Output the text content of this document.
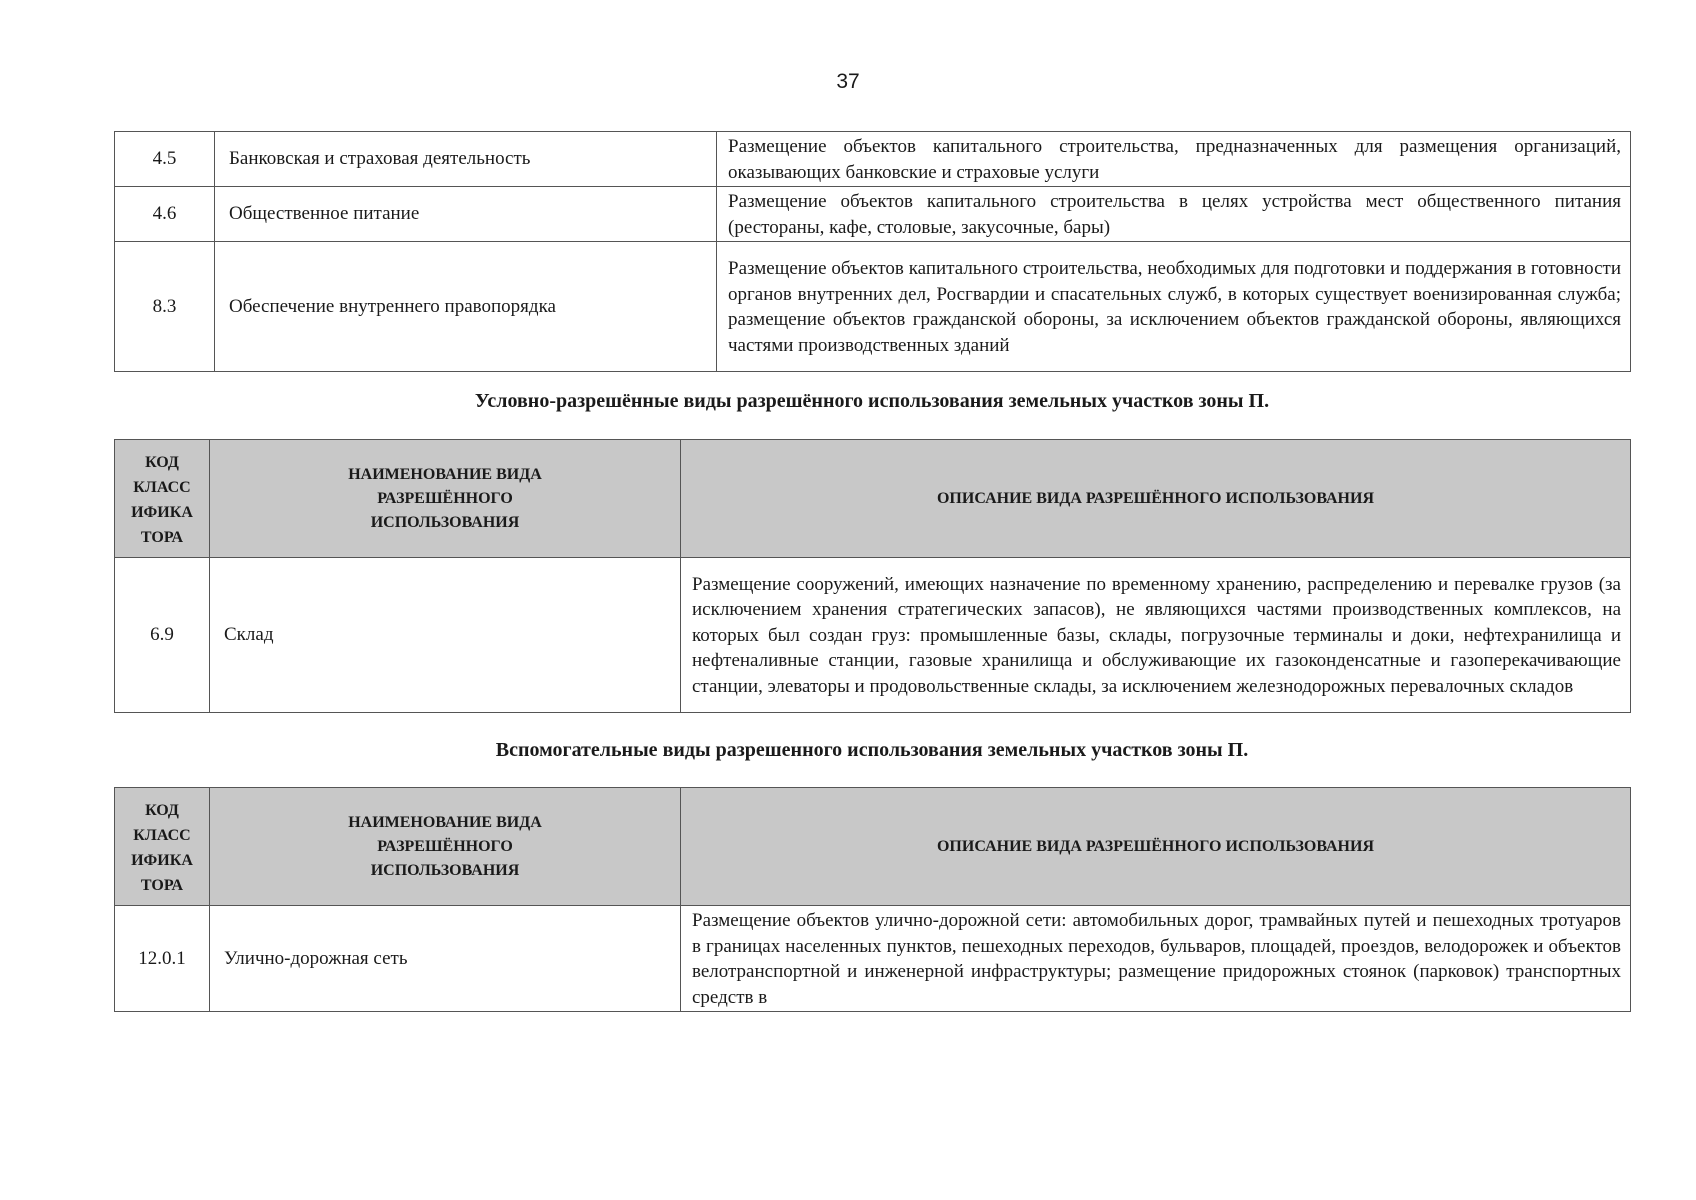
37
4.5	Банковская и страховая деятельность	Размещение объектов капитального строительства, предназначенных для размещения организаций, оказывающих банковские и страховые услуги
4.6	Общественное питание	Размещение объектов капитального строительства в целях устройства мест общественного питания (рестораны, кафе, столовые, закусочные, бары)
8.3	Обеспечение внутреннего правопорядка	Размещение объектов капитального строительства, необходимых для подготовки и поддержания в готовности органов внутренних дел, Росгвардии и спасательных служб, в которых существует военизированная служба; размещение объектов гражданской обороны, за исключением объектов гражданской обороны, являющихся частями производственных зданий
Условно-разрешённые виды разрешённого использования земельных участков зоны П.
КОД КЛАСС ИФИКА ТОРА	НАИМЕНОВАНИЕ ВИДА РАЗРЕШЁННОГО ИСПОЛЬЗОВАНИЯ	ОПИСАНИЕ ВИДА РАЗРЕШЁННОГО ИСПОЛЬЗОВАНИЯ
6.9	Склад	Размещение сооружений, имеющих назначение по временному хранению, распределению и перевалке грузов (за исключением хранения стратегических запасов), не являющихся частями производственных комплексов, на которых был создан груз: промышленные базы, склады, погрузочные терминалы и доки, нефтехранилища и нефтеналивные станции, газовые хранилища и обслуживающие их газоконденсатные и газоперекачивающие станции, элеваторы и продовольственные склады, за исключением железнодорожных перевалочных складов
Вспомогательные виды разрешенного использования земельных участков зоны П.
КОД КЛАСС ИФИКА ТОРА	НАИМЕНОВАНИЕ ВИДА РАЗРЕШЁННОГО ИСПОЛЬЗОВАНИЯ	ОПИСАНИЕ ВИДА РАЗРЕШЁННОГО ИСПОЛЬЗОВАНИЯ
12.0.1	Улично-дорожная сеть	Размещение объектов улично-дорожной сети: автомобильных дорог, трамвайных путей и пешеходных тротуаров в границах населенных пунктов, пешеходных переходов, бульваров, площадей, проездов, велодорожек и объектов велотранспортной и инженерной инфраструктуры; размещение придорожных стоянок (парковок) транспортных средств в
